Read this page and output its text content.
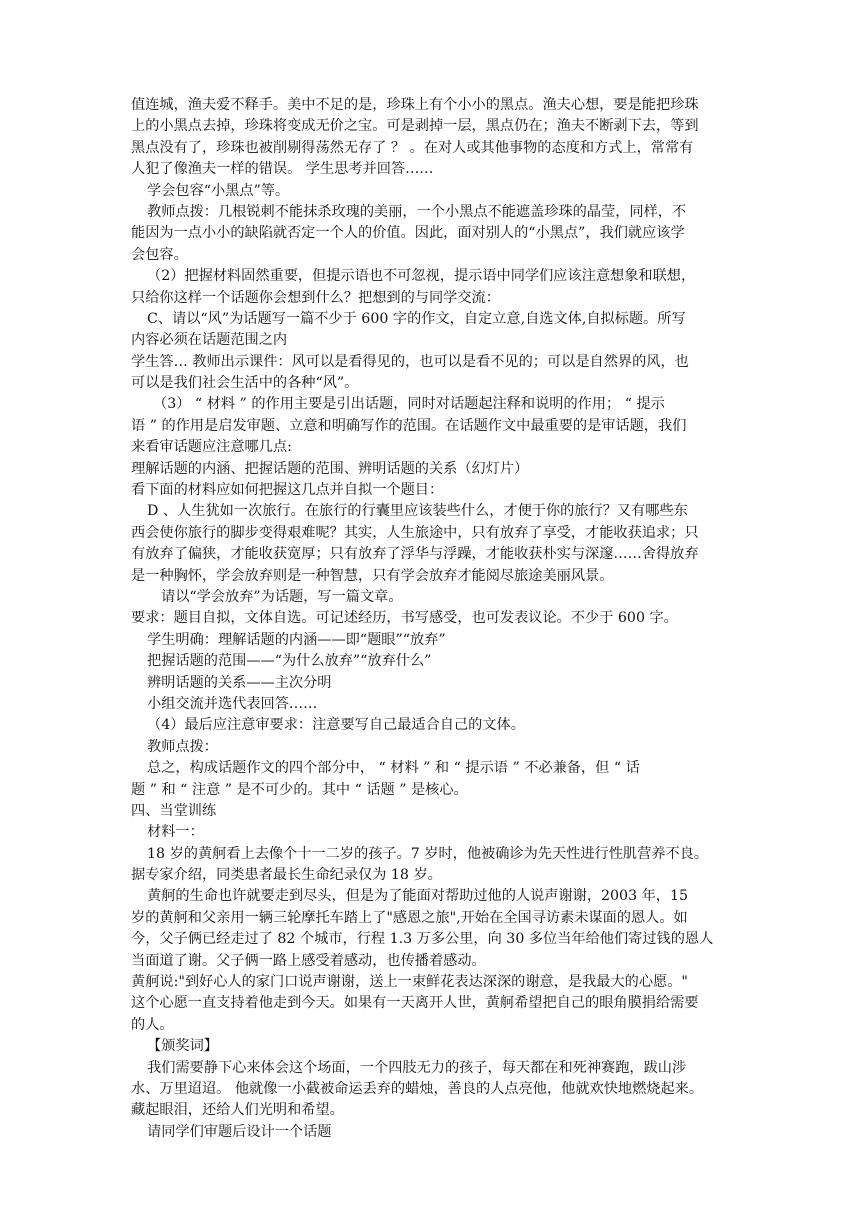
值连城，渔夫爱不释手。美中不足的是，珍珠上有个小小的黑点。渔夫心想，要是能把珍珠
上的小黑点去掉，珍珠将变成无价之宝。可是剥掉一层，黑点仍在；渔夫不断剥下去，等到
黑点没有了，珍珠也被削剔得荡然无存了 ？ 。在对人或其他事物的态度和方式上，常常有
人犯了像渔夫一样的错误。 学生思考并回答……
学会包容“小黑点”等。
教师点拨：几根锐刺不能抹杀玫瑰的美丽，一个小黑点不能遮盖珍珠的晶莹，同样，不
能因为一点小小的缺陷就否定一个人的价值。因此，面对别人的“小黑点”，我们就应该学
会包容。
（2）把握材料固然重要，但提示语也不可忽视，提示语中同学们应该注意想象和联想，
只给你这样一个话题你会想到什么？把想到的与同学交流：
C、请以“风”为话题写一篇不少于 600 字的作文，自定立意,自选文体,自拟标题。所写
内容必须在话题范围之内
学生答… 教师出示课件：风可以是看得见的，也可以是看不见的；可以是自然界的风，也
可以是我们社会生活中的各种“风”。
（3） “ 材料 ” 的作用主要是引出话题，同时对话题起注释和说明的作用； “ 提示
语 ” 的作用是启发审题、立意和明确写作的范围。在话题作文中最重要的是审话题，我们
来看审话题应注意哪几点:
理解话题的内涵、把握话题的范围、辨明话题的关系（幻灯片）
看下面的材料应如何把握这几点并自拟一个题目：
D 、人生犹如一次旅行。在旅行的行囊里应该装些什么，才便于你的旅行？又有哪些东
西会使你旅行的脚步变得艰难呢？其实，人生旅途中，只有放弃了享受，才能收获追求；只
有放弃了偏狭，才能收获宽厚；只有放弃了浮华与浮躁，才能收获朴实与深邃……舍得放弃
是一种胸怀，学会放弃则是一种智慧，只有学会放弃才能阅尽旅途美丽风景。
请以“学会放弃”为话题，写一篇文章。
要求：题目自拟，文体自选。可记述经历，书写感受，也可发表议论。不少于 600 字。
学生明确：理解话题的内涵——即“题眼”“放弃”
把握话题的范围——“为什么放弃”“放弃什么”
辨明话题的关系——主次分明
小组交流并选代表回答……
（4）最后应注意审要求：注意要写自己最适合自己的文体。
教师点拨：
总之，构成话题作文的四个部分中， “ 材料 ” 和 “ 提示语 ” 不必兼备，但 “ 话
题 ” 和 “ 注意 ” 是不可少的。其中 “ 话题 ” 是核心。
四、当堂训练
材料一：
18 岁的黄舸看上去像个十一二岁的孩子。7 岁时，他被确诊为先天性进行性肌营养不良。
据专家介绍，同类患者最长生命纪录仅为 18 岁。
黄舸的生命也许就要走到尽头，但是为了能面对帮助过他的人说声谢谢，2003 年，15
岁的黄舸和父亲用一辆三轮摩托车踏上了"感恩之旅",开始在全国寻访素未谋面的恩人。如
今，父子俩已经走过了 82 个城市，行程 1.3 万多公里，向 30 多位当年给他们寄过钱的恩人
当面道了谢。父子俩一路上感受着感动，也传播着感动。
黄舸说:"到好心人的家门口说声谢谢，送上一束鲜花表达深深的谢意，是我最大的心愿。"
这个心愿一直支持着他走到今天。如果有一天离开人世，黄舸希望把自己的眼角膜捐给需要
的人。
【颁奖词】
我们需要静下心来体会这个场面，一个四肢无力的孩子，每天都在和死神赛跑，跋山涉
水、万里迢迢。 他就像一小截被命运丢弃的蜡烛，善良的人点亮他，他就欢快地燃烧起来。
藏起眼泪，还给人们光明和希望。
请同学们审题后设计一个话题
